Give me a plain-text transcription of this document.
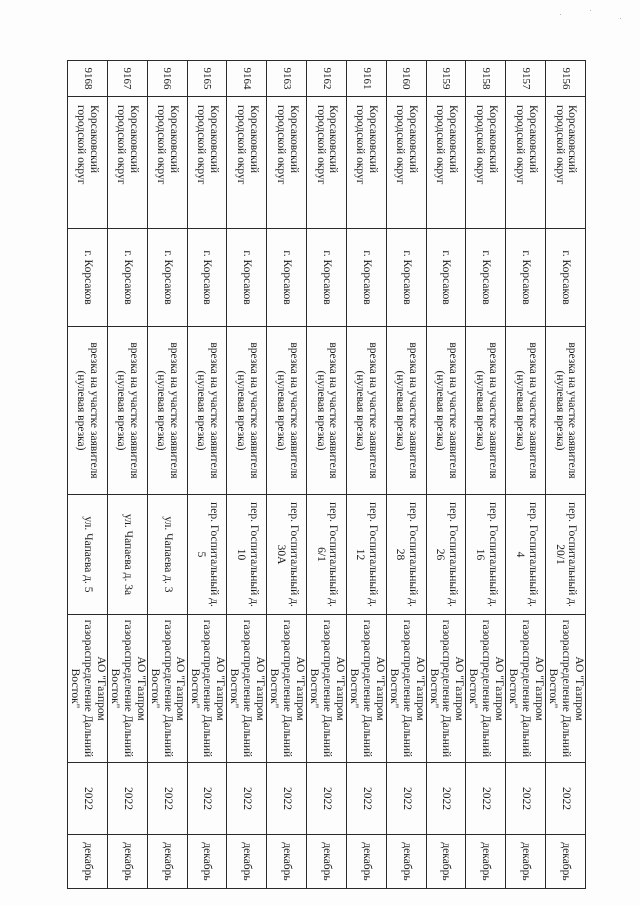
9156	Корсаковский городской округ	г. Корсаков	врезка на участке заявителя (нулевая врезка)	пер. Госпитальный д. 20/1	АО "Газпром газораспределение Дальний Восток"	2022	декабрь
9157	Корсаковский городской округ	г. Корсаков	врезка на участке заявителя (нулевая врезка)	пер. Госпитальный д. 4	АО "Газпром газораспределение Дальний Восток"	2022	декабрь
9158	Корсаковский городской округ	г. Корсаков	врезка на участке заявителя (нулевая врезка)	пер. Госпитальный д. 16	АО "Газпром газораспределение Дальний Восток"	2022	декабрь
9159	Корсаковский городской округ	г. Корсаков	врезка на участке заявителя (нулевая врезка)	пер. Госпитальный д. 26	АО "Газпром газораспределение Дальний Восток"	2022	декабрь
9160	Корсаковский городской округ	г. Корсаков	врезка на участке заявителя (нулевая врезка)	пер. Госпитальный д. 28	АО "Газпром газораспределение Дальний Восток"	2022	декабрь
9161	Корсаковский городской округ	г. Корсаков	врезка на участке заявителя (нулевая врезка)	пер. Госпитальный д. 12	АО "Газпром газораспределение Дальний Восток"	2022	декабрь
9162	Корсаковский городской округ	г. Корсаков	врезка на участке заявителя (нулевая врезка)	пер. Госпитальный д. 6/1	АО "Газпром газораспределение Дальний Восток"	2022	декабрь
9163	Корсаковский городской округ	г. Корсаков	врезка на участке заявителя (нулевая врезка)	пер. Госпитальный д. 30А	АО "Газпром газораспределение Дальний Восток"	2022	декабрь
9164	Корсаковский городской округ	г. Корсаков	врезка на участке заявителя (нулевая врезка)	пер. Госпитальный д. 10	АО "Газпром газораспределение Дальний Восток"	2022	декабрь
9165	Корсаковский городской округ	г. Корсаков	врезка на участке заявителя (нулевая врезка)	пер. Госпитальный д. 5	АО "Газпром газораспределение Дальний Восток"	2022	декабрь
9166	Корсаковский городской округ	г. Корсаков	врезка на участке заявителя (нулевая врезка)	ул. Чапаева д. 3	АО "Газпром газораспределение Дальний Восток"	2022	декабрь
9167	Корсаковский городской округ	г. Корсаков	врезка на участке заявителя (нулевая врезка)	ул. Чапаева д. 3а	АО "Газпром газораспределение Дальний Восток"	2022	декабрь
9168	Корсаковский городской округ	г. Корсаков	врезка на участке заявителя (нулевая врезка)	ул. Чапаева д. 5	АО "Газпром газораспределение Дальний Восток"	2022	декабрь
